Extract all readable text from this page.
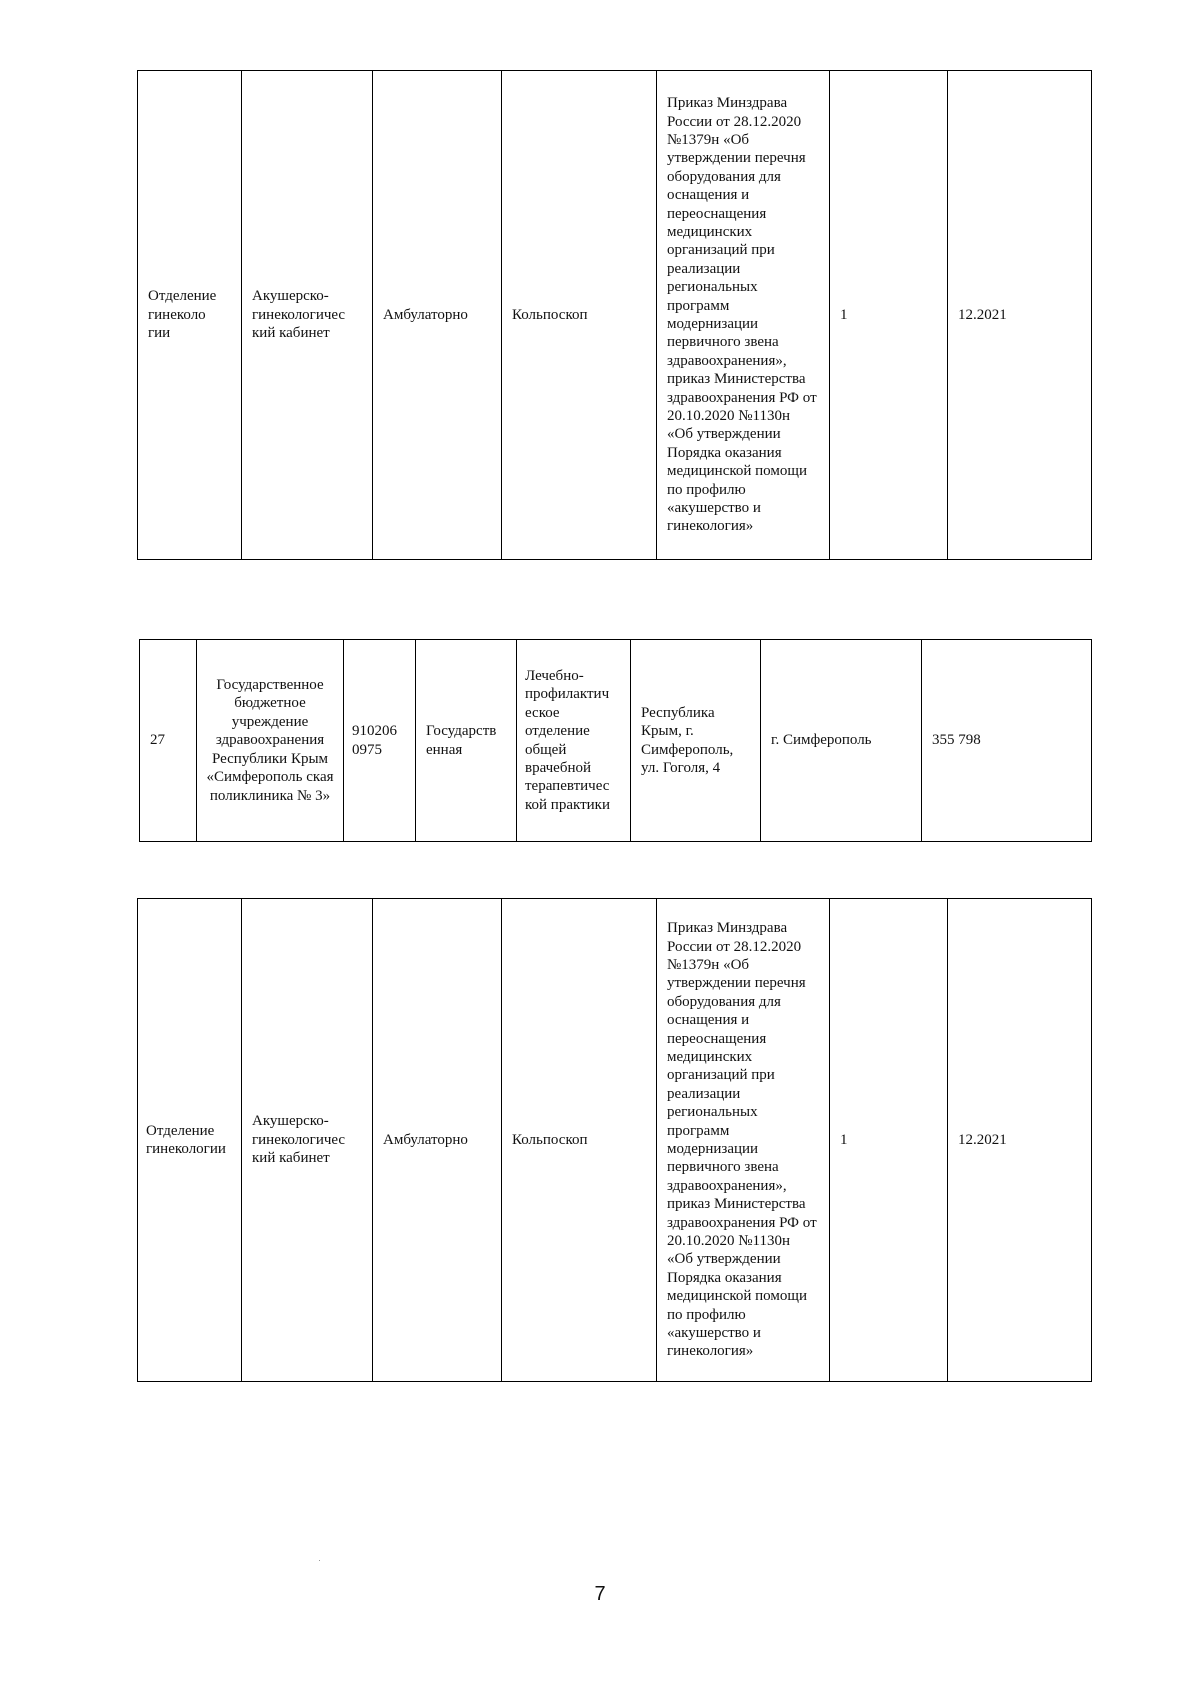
Отделение гинеколо гии	Акушерско-гинекологичес кий кабинет	Амбулаторно	Кольпоскоп	Приказ Минздрава России от 28.12.2020 №1379н «Об утверждении перечня оборудования для оснащения и переоснащения медицинских организаций при реализации региональных программ модернизации первичного звена здравоохранения», приказ Министерства здравоохранения РФ от 20.10.2020 №1130н «Об утверждении Порядка оказания медицинской помощи по профилю «акушерство и гинекология»	1	12.2021
27	Государственное бюджетное учреждение здравоохранения Республики Крым «Симферополь ская поликлиника № 3»	910206 0975	Государств енная	Лечебно-профилактич еское отделение общей врачебной терапевтичес кой практики	Республика Крым, г. Симферополь, ул. Гоголя, 4	г. Симферополь	355 798
Отделение гинекологии	Акушерско-гинекологичес кий кабинет	Амбулаторно	Кольпоскоп	Приказ Минздрава России от 28.12.2020 №1379н «Об утверждении перечня оборудования для оснащения и переоснащения медицинских организаций при реализации региональных программ модернизации первичного звена здравоохранения», приказ Министерства здравоохранения РФ от 20.10.2020 №1130н «Об утверждении Порядка оказания медицинской помощи по профилю «акушерство и гинекология»	1	12.2021
7
